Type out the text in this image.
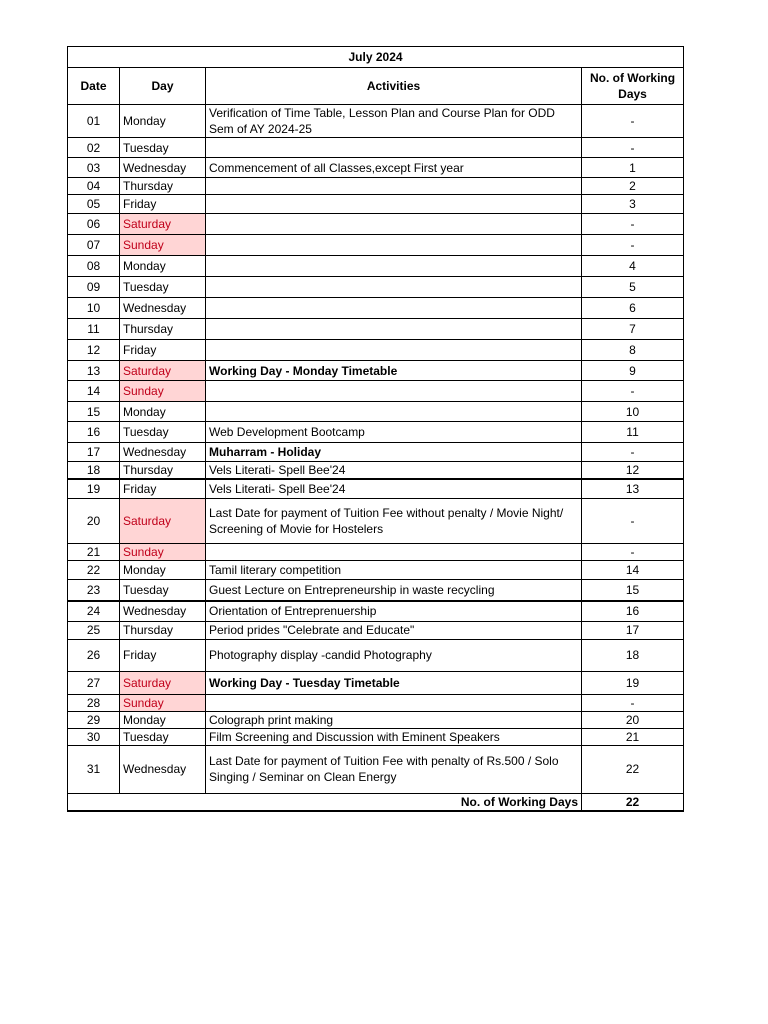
July 2024			
Date	Day	Activities	No. of Working Days
01	Monday	Verification of Time Table, Lesson Plan and Course Plan for ODD Sem of AY 2024-25	-
02	Tuesday		-
03	Wednesday	Commencement of all Classes,except First year	1
04	Thursday		2
05	Friday		3
06	Saturday		-
07	Sunday		-
08	Monday		4
09	Tuesday		5
10	Wednesday		6
11	Thursday		7
12	Friday		8
13	Saturday	Working Day - Monday Timetable	9
14	Sunday		-
15	Monday		10
16	Tuesday	Web Development Bootcamp	11
17	Wednesday	Muharram - Holiday	-
18	Thursday	Vels Literati- Spell Bee'24	12
19	Friday	Vels Literati- Spell Bee'24	13
20	Saturday	Last Date for payment of Tuition Fee without penalty / Movie Night/ Screening of Movie for Hostelers	-
21	Sunday		-
22	Monday	Tamil literary competition	14
23	Tuesday	Guest Lecture on Entrepreneurship in waste recycling	15
24	Wednesday	Orientation of Entreprenuership	16
25	Thursday	Period prides "Celebrate and Educate"	17
26	Friday	Photography display -candid Photography	18
27	Saturday	Working Day - Tuesday Timetable	19
28	Sunday		-
29	Monday	Colograph print making	20
30	Tuesday	Film Screening and Discussion with Eminent Speakers	21
31	Wednesday	Last Date for payment of Tuition Fee with penalty of Rs.500 / Solo Singing / Seminar on Clean Energy	22
No. of Working Days			22
